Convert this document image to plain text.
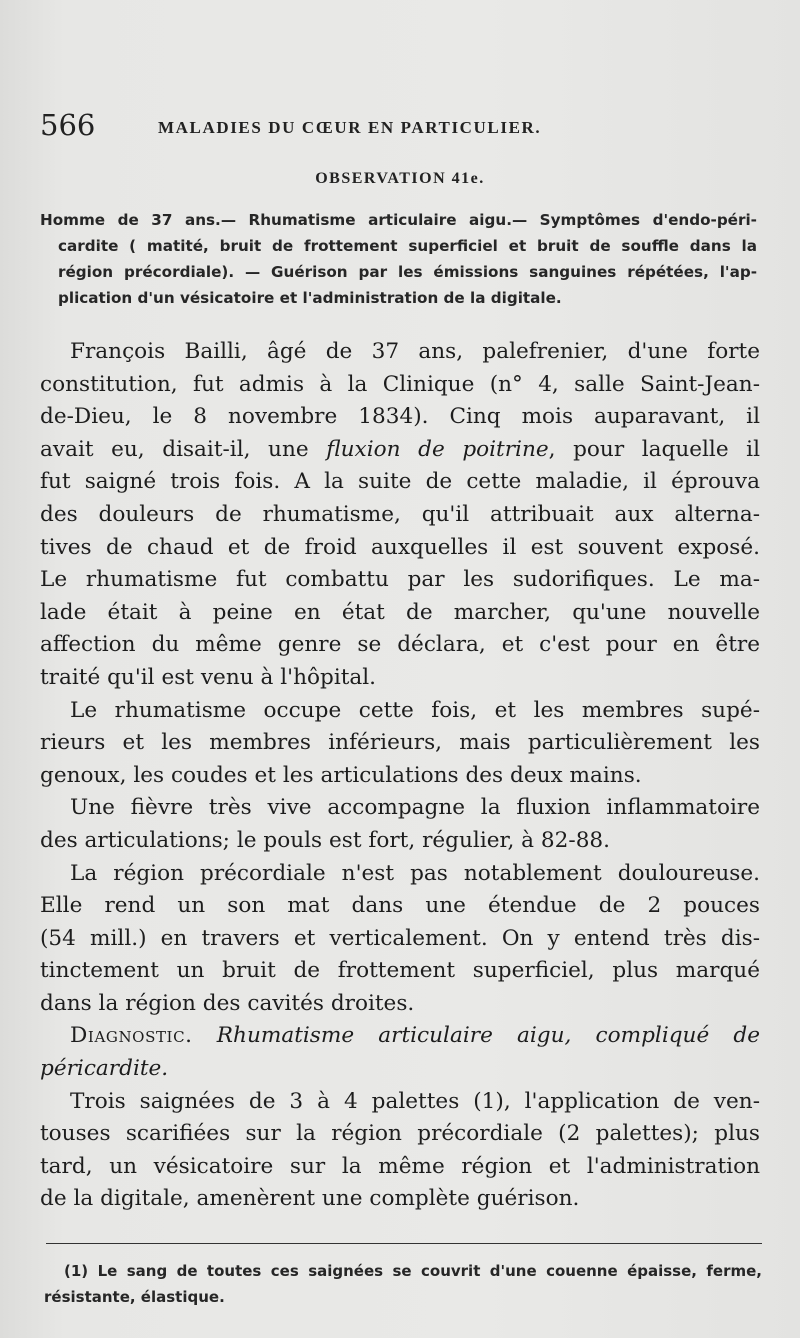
566	MALADIES DU CŒUR EN PARTICULIER.
OBSERVATION 41e.
Homme de 37 ans.— Rhumatisme articulaire aigu.— Symptômes d'endo-péri-
cardite ( matité, bruit de frottement superficiel et bruit de souffle dans la
région précordiale). — Guérison par les émissions sanguines répétées, l'ap-
plication d'un vésicatoire et l'administration de la digitale.
François Bailli, âgé de 37 ans, palefrenier, d'une forte
constitution, fut admis à la Clinique (n° 4, salle Saint-Jean-
de-Dieu, le 8 novembre 1834). Cinq mois auparavant, il
avait eu, disait-il, une fluxion de poitrine, pour laquelle il
fut saigné trois fois. A la suite de cette maladie, il éprouva
des douleurs de rhumatisme, qu'il attribuait aux alterna-
tives de chaud et de froid auxquelles il est souvent exposé.
Le rhumatisme fut combattu par les sudorifiques. Le ma-
lade était à peine en état de marcher, qu'une nouvelle
affection du même genre se déclara, et c'est pour en être
traité qu'il est venu à l'hôpital.
Le rhumatisme occupe cette fois, et les membres supé-
rieurs et les membres inférieurs, mais particulièrement les
genoux, les coudes et les articulations des deux mains.
Une fièvre très vive accompagne la fluxion inflammatoire
des articulations; le pouls est fort, régulier, à 82-88.
La région précordiale n'est pas notablement douloureuse.
Elle rend un son mat dans une étendue de 2 pouces
(54 mill.) en travers et verticalement. On y entend très dis-
tinctement un bruit de frottement superficiel, plus marqué
dans la région des cavités droites.
Diagnostic. Rhumatisme articulaire aigu, compliqué de
péricardite.
Trois saignées de 3 à 4 palettes (1), l'application de ven-
touses scarifiées sur la région précordiale (2 palettes); plus
tard, un vésicatoire sur la même région et l'administration
de la digitale, amenèrent une complète guérison.
(1) Le sang de toutes ces saignées se couvrit d'une couenne épaisse, ferme,
résistante, élastique.
